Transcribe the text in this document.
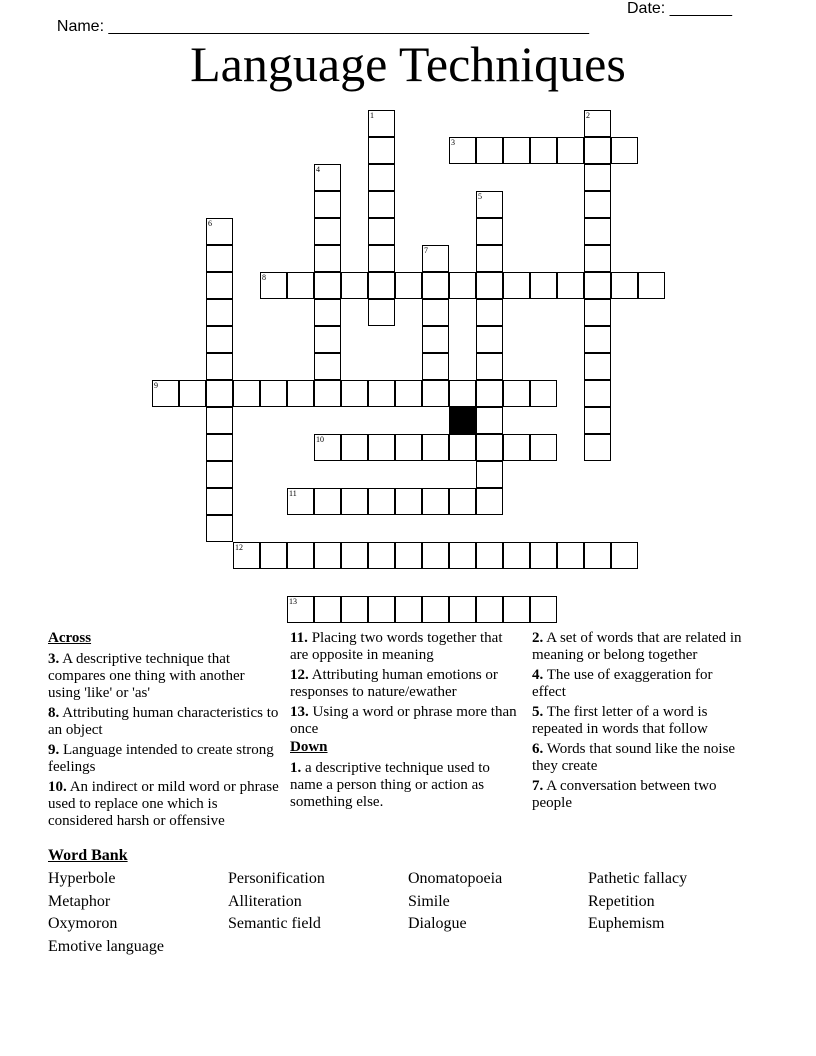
Name: ______________________________________________________

Date: _______

Language Techniques
1	2
3
4
5
6
7
8
9
10
11
12
13
Across
3. A descriptive technique that compares one thing with another using 'like' or 'as'
8. Attributing human characteristics to an object
9. Language intended to create strong feelings
10. An indirect or mild word or phrase used to replace one which is considered harsh or offensive
11. Placing two words together that are opposite in meaning
12. Attributing human emotions or responses to nature/ewather
13. Using a word or phrase more than once
Down
1. a descriptive technique used to name a person thing or action as something else.
2. A set of words that are related in meaning or belong together
4. The use of exaggeration for effect
5. The first letter of a word is repeated in words that follow
6. Words that sound like the noise they create
7. A conversation between two people
Word Bank
Hyperbole	Personification	Onomatopoeia	Pathetic fallacy
Metaphor	Alliteration	Simile	Repetition
Oxymoron	Semantic field	Dialogue	Euphemism
Emotive language
